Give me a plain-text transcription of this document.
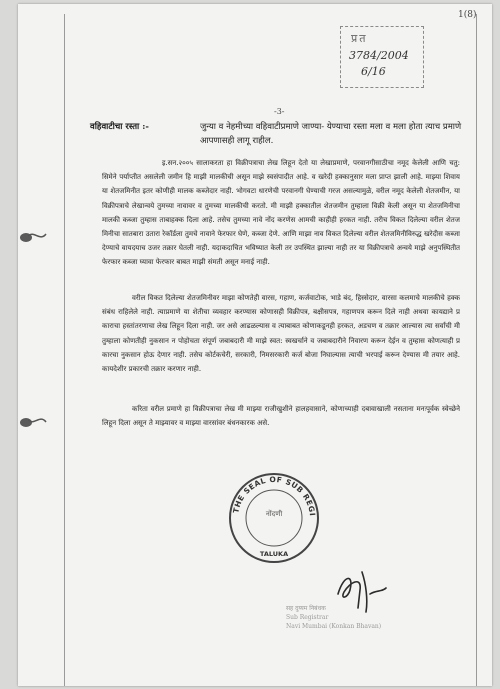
1(8)
प्रत
3784/2004
6/16
-3-
वहिवाटीचा रस्ता :-	जुन्या व नेहमीच्या वहिवाटीप्रमाणे जाण्या- येण्याचा रस्ता मला व मला होता त्याच प्रमाणे आपणासही लागू राहील.
इ.सन.२००५ सालाकरता हा विक्रीपत्राचा लेख लिहून देतो या लेखाप्रमाणे, परवानगीसाठीचा नमूद केलेली आणि चतु:सिमेने पर्याप्तीत असलेली जमीन हि माझी मालकीची असून माझे स्वसंपादीत आहे. व खरेदी हक्कानुसार मला प्राप्त झाली आहे. माझ्या शिवाय या शेतजमिनीत इतर कोणीही मालक कब्जेदार नाही. भोगवटा धारणेची परवानगी घेण्याची गरज असल्यामुळे, वरील नमूद केलेली शेतजमीन, या विक्रीपत्राचे लेखान्वये तुमच्या नावावर व तुमच्या मालकीची करतो. मी माझी हक्कातील शेतजमीन तुम्हाला विक्री केली असून या शेतजमिनीचा मालकी कब्जा तुम्हास ताबाहक्क दिला आहे. तसेच तुमच्या नावे नोंद करणेस आमची काहीही हरकत नाही. तरीच विकत दिलेल्या वरील शेतजमिनीचा सातबारा उतारा रेकॉर्डला तुमचे नावाने फेरफार घेणे, कब्जा देणे. आणि माझा नाव विकत दिलेल्या वरील शेतजमिनीविरुद्ध खरेदीस कब्जा देण्याचे वायदयाच उजर तक्रार घेतली नाही. यदाकदाचित भविष्यात केली तर उपस्थित झाल्या नाही तर या विक्रीपत्राचे अन्वये माझे अनुपस्थितीत फेरफार कब्जा घ्यावा फेरफार बाबत माझी संमती असून मनाई नाही.
वरील विकत दिलेल्या शेतजमिनीवर माझा कोणतेही वारस, गहाण, कर्जवाटोक, भाडे बंद, हिस्सेदार, वारसा कलमाचे मालकीचे हक्कसंबंध राहिलेले नाही. त्याप्रमाणे या शेतीचा व्यवहार करण्यास कोणासही विक्रीपत्र, बक्षीसपत्र, गहाणपत्र करून दिले नाही अथवा कायद्याने प्रकाराचा हस्तांतरणाचा लेख लिहून दिला नाही. जर असे आढळल्यास व त्याबाबत कोणाकडूनही हरकत, अडचण व तक्रार आल्यास त्या सर्वांची मी तुम्हाला कोणतीही नुकसान न पोहोचता संपूर्ण जबाबदारी मी माझे स्वत: स्वखर्चाने व जबाबदारीने निवारण करून देईन व तुम्हास कोणत्याही प्रकारचा नुकसान होऊ देणार नाही. तसेच कोर्टकचेरी, सरकारी, निमसरकारी कर्ज बोजा निघाल्यास त्याची भरपाई करून देण्यास मी तयार आहे. कायदेशीर प्रकारची तक्रार करणार नाही.
करिता वरील प्रमाणे हा विक्रीपत्राचा लेख मी माझ्या राजीखुशीने हालहवासाने, कोणाच्याही दबावाखाली नसताना मनःपूर्वक स्वेच्छेने लिहून दिला असून ते माझ्यावर व माझ्या वारसांवर बंधनकारक असे.
THE SEAL OF SUB REGI
नोंदणी
TALUKA
सह दुय्यम निबंधक
Sub Registrar
Navi Mumbai (Konkan Bhavan)
